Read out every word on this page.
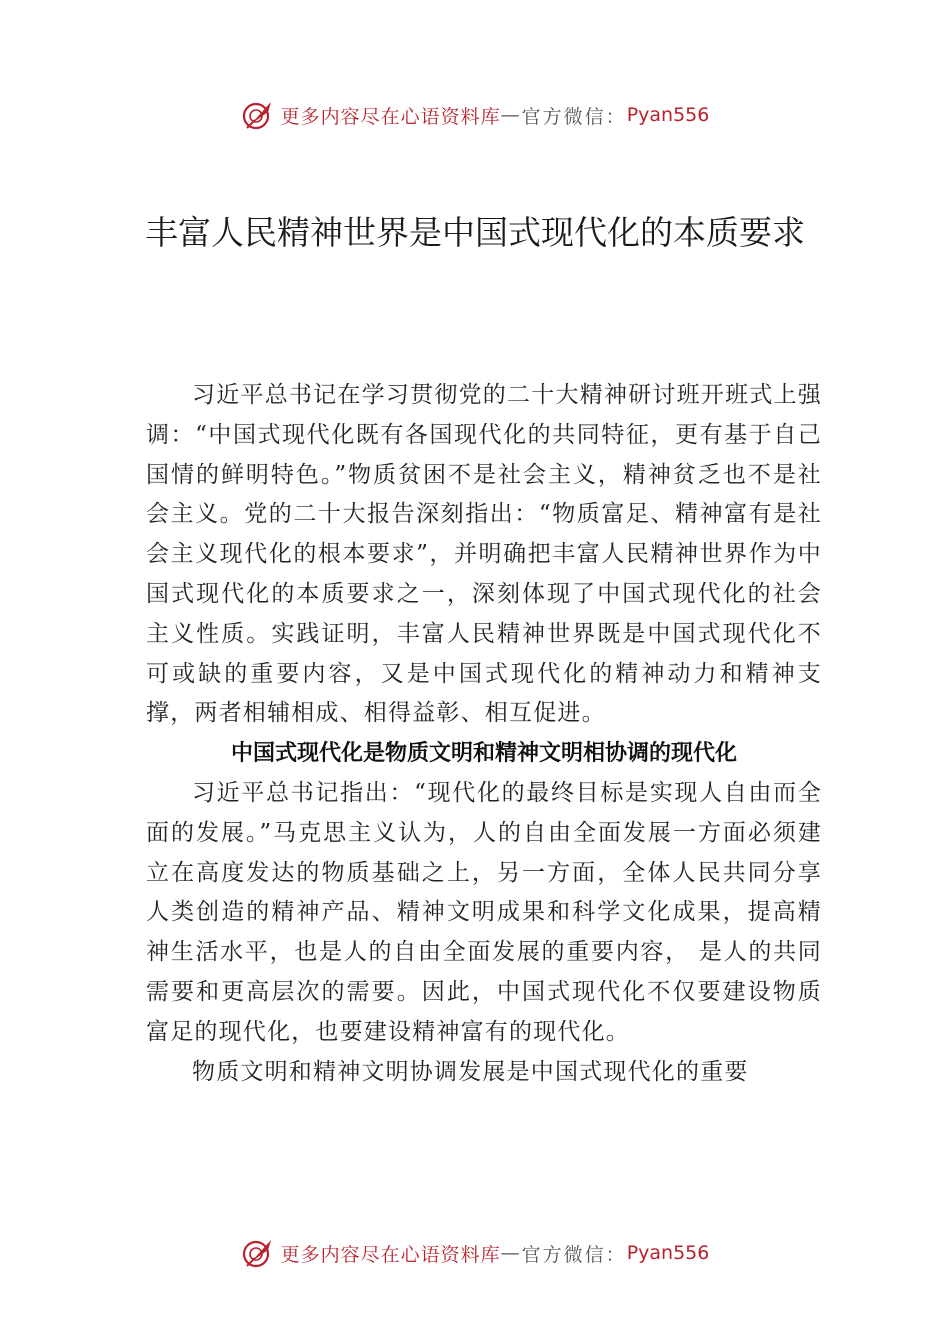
更多内容尽在心语资料库 — 官方微信： Pyan556
丰富人民精神世界是中国式现代化的本质要求

习近平总书记在学习贯彻党的二十大精神研讨班开班式上强调：“中国式现代化既有各国现代化的共同特征，更有基于自己国情的鲜明特色。”物质贫困不是社会主义，精神贫乏也不是社会主义。党的二十大报告深刻指出：“物质富足、精神富有是社会主义现代化的根本要求”，并明确把丰富人民精神世界作为中国式现代化的本质要求之一，深刻体现了中国式现代化的社会主义性质。实践证明，丰富人民精神世界既是中国式现代化不可或缺的重要内容，又是中国式现代化的精神动力和精神支撑，两者相辅相成、相得益彰、相互促进。

中国式现代化是物质文明和精神文明相协调的现代化

习近平总书记指出：“现代化的最终目标是实现人自由而全面的发展。”马克思主义认为，人的自由全面发展一方面必须建立在高度发达的物质基础之上，另一方面，全体人民共同分享人类创造的精神产品、精神文明成果和科学文化成果，提高精神生活水平，也是人的自由全面发展的重要内容， 是人的共同需要和更高层次的需要。因此，中国式现代化不仅要建设物质富足的现代化，也要建设精神富有的现代化。

物质文明和精神文明协调发展是中国式现代化的重要

更多内容尽在心语资料库 — 官方微信： Pyan556
